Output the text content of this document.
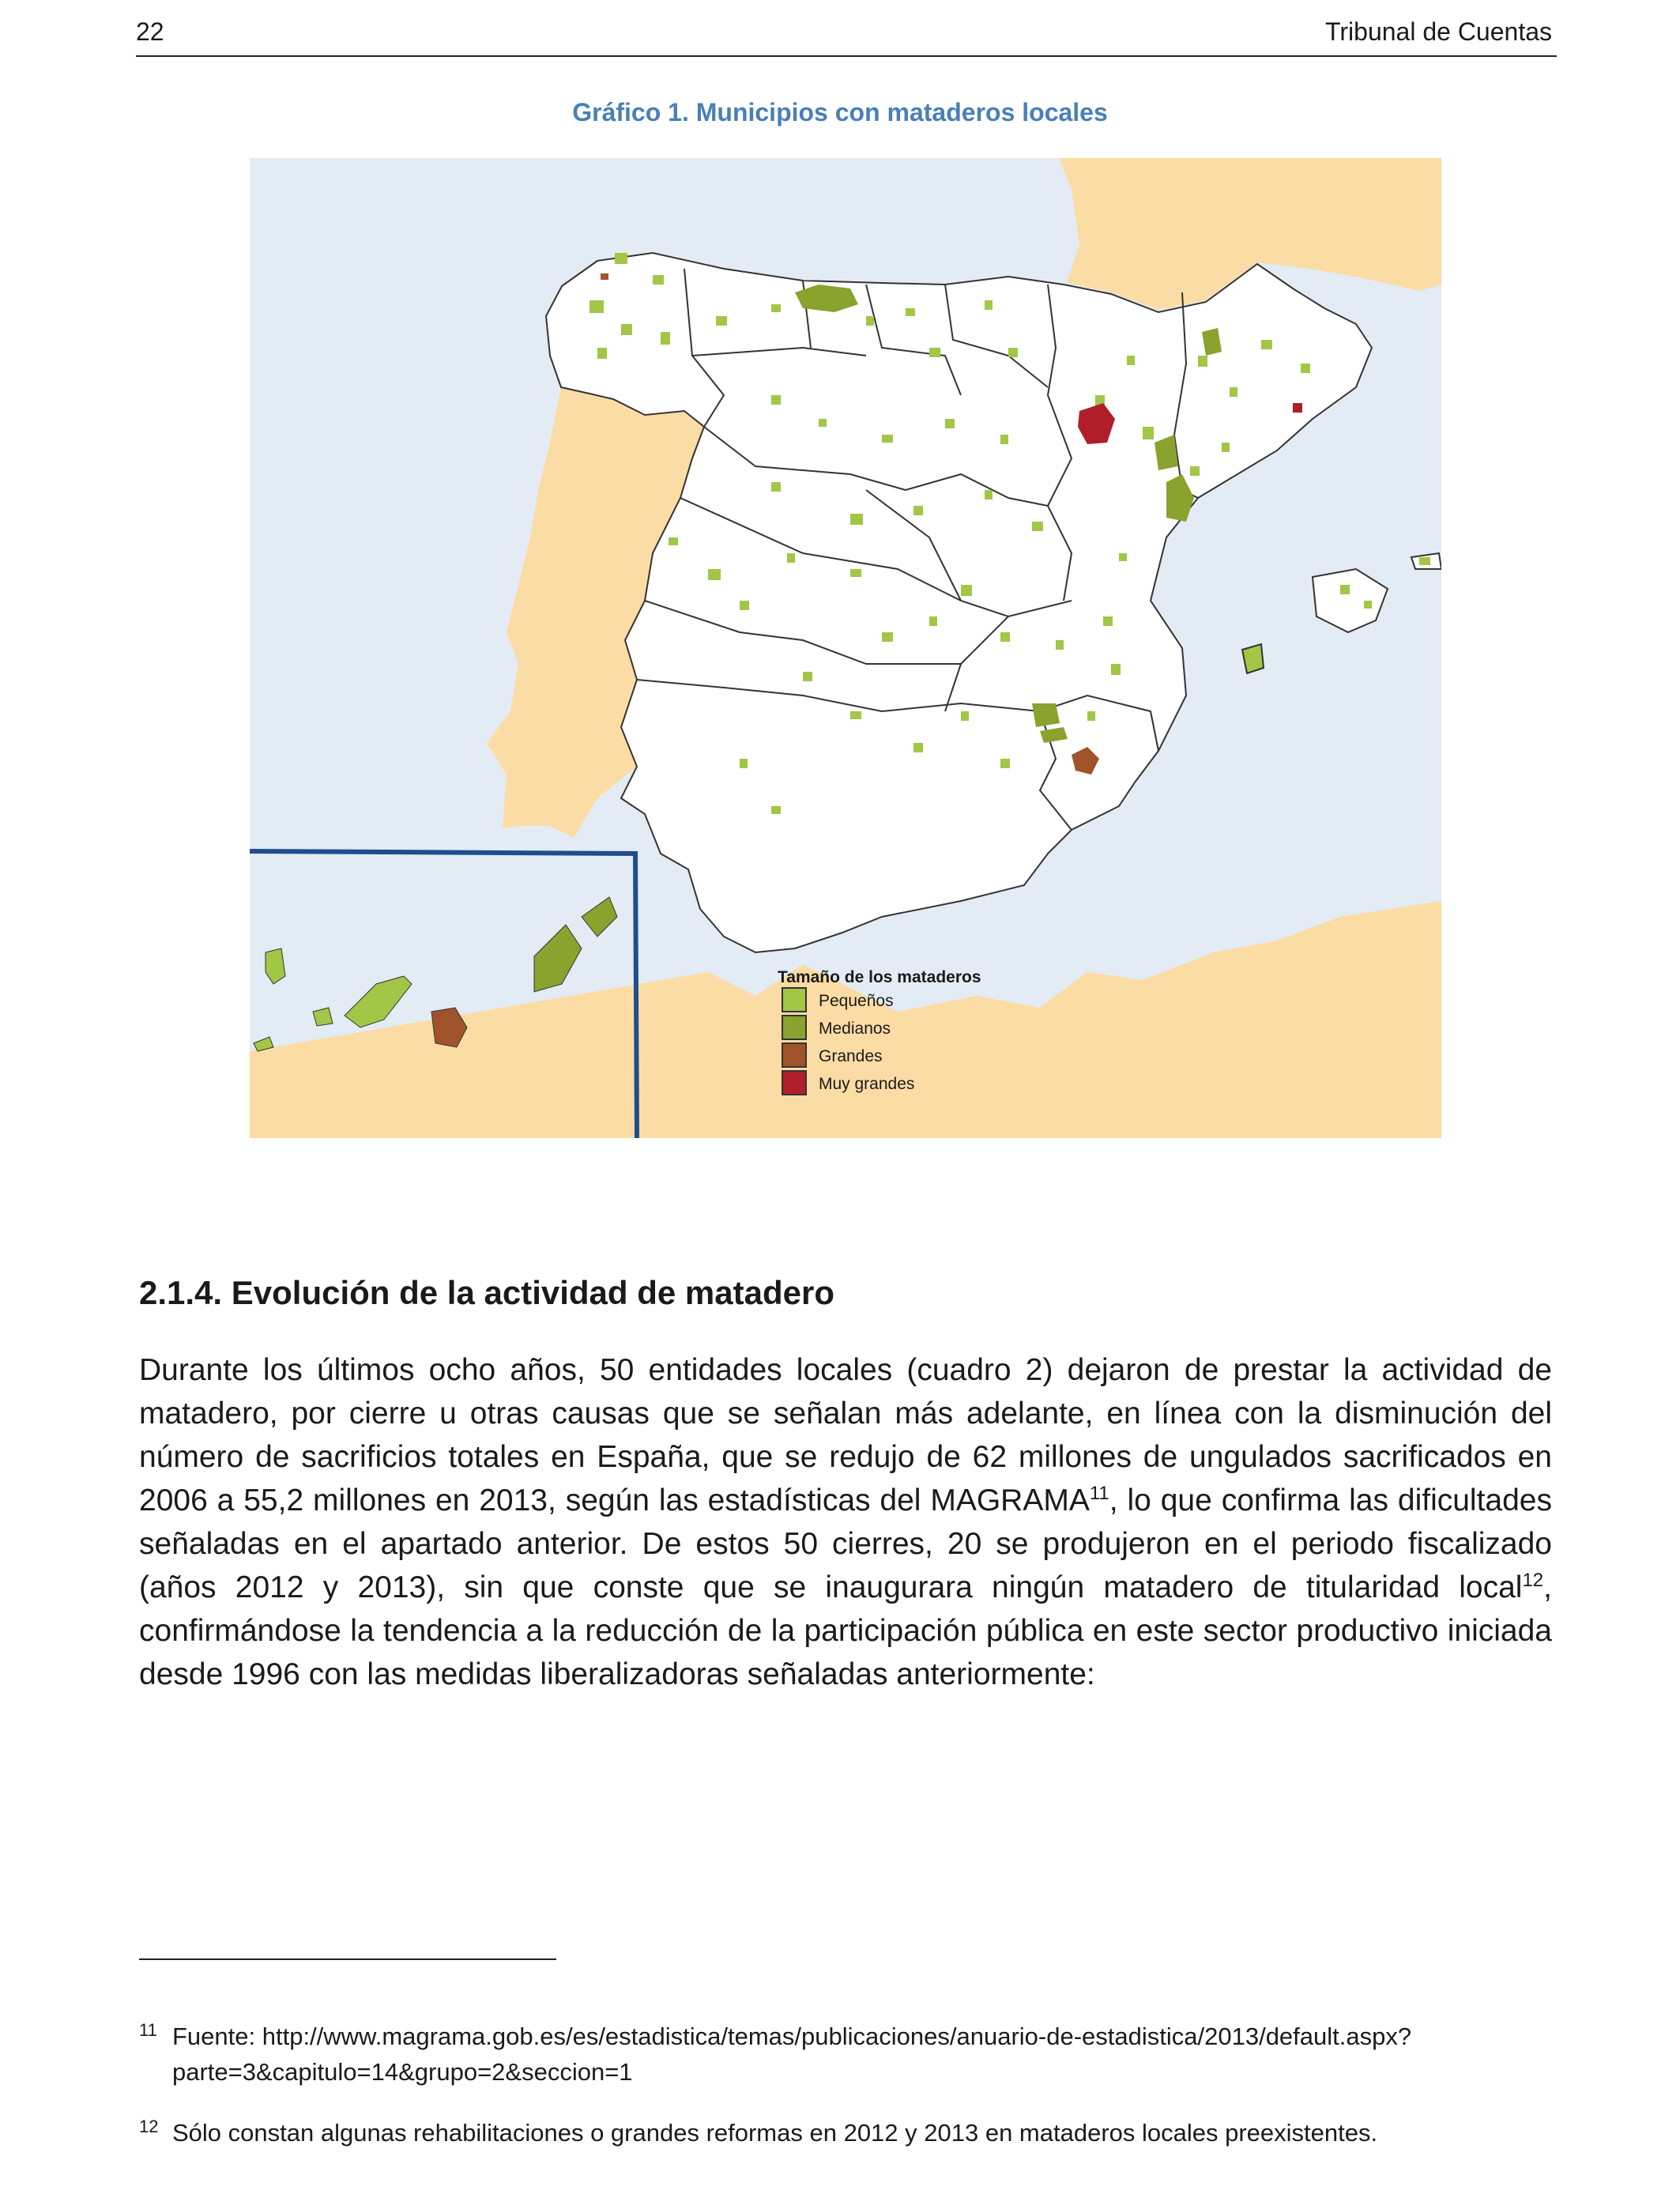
22	Tribunal de Cuentas
Gráfico 1. Municipios con mataderos locales
Tamaño de los mataderos
Pequeños
Medianos
Grandes
Muy grandes
2.1.4. Evolución de la actividad de matadero
Durante los últimos ocho años, 50 entidades locales (cuadro 2) dejaron de prestar la actividad de matadero, por cierre u otras causas que se señalan más adelante, en línea con la disminución del número de sacrificios totales en España, que se redujo de 62 millones de ungulados sacrificados en 2006 a 55,2 millones en 2013, según las estadísticas del MAGRAMA$^{11}$, lo que confirma las dificultades señaladas en el apartado anterior. De estos 50 cierres, 20 se produjeron en el periodo fiscalizado (años 2012 y 2013), sin que conste que se inaugurara ningún matadero de titularidad local$^{12}$, confirmándose la tendencia a la reducción de la participación pública en este sector productivo iniciada desde 1996 con las medidas liberalizadoras señaladas anteriormente:
11 Fuente: http://www.magrama.gob.es/es/estadistica/temas/publicaciones/anuario-de-estadistica/2013/default.aspx?
parte=3&capitulo=14&grupo=2&seccion=1
12 Sólo constan algunas rehabilitaciones o grandes reformas en 2012 y 2013 en mataderos locales preexistentes.
